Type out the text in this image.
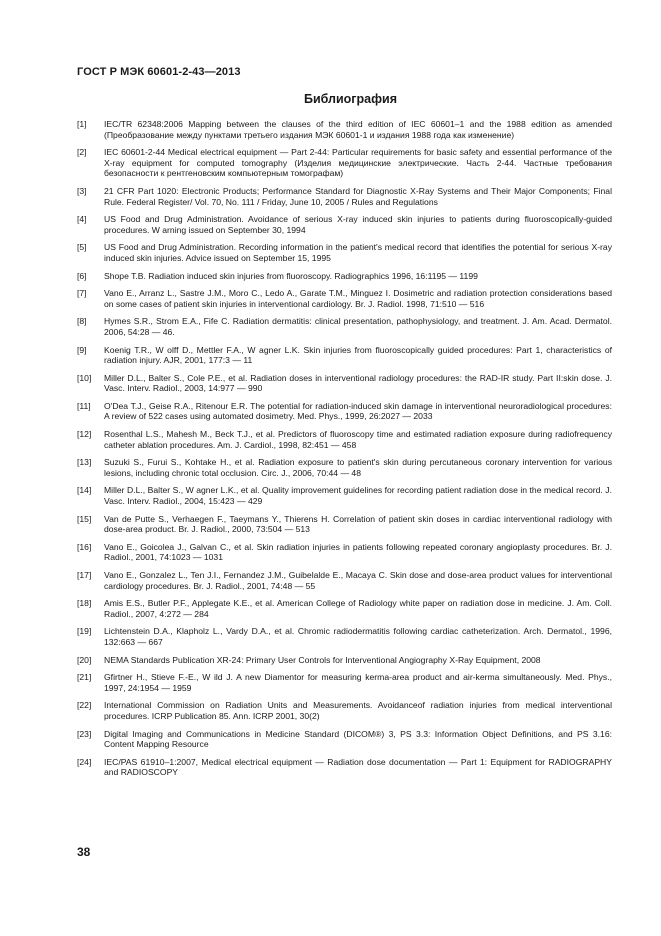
ГОСТ Р МЭК 60601-2-43—2013
Библиография
[1]	IEC/TR 62348:2006 Mapping between the clauses of the third edition of IEC 60601–1 and the 1988 edition as amended (Преобразование между пунктами третьего издания МЭК 60601-1 и издания 1988 года как изменение)
[2]	IEC 60601-2-44 Medical electrical equipment — Part 2-44: Particular requirements for basic safety and essential performance of the X-ray equipment for computed tomography (Изделия медицинские электрические. Часть 2-44. Частные требования безопасности к рентгеновским компьютерным томографам)
[3]	21 CFR Part 1020: Electronic Products; Performance Standard for Diagnostic X-Ray Systems and Their Major Components; Final Rule. Federal Register/ Vol. 70, No. 111 / Friday, June 10, 2005 / Rules and Regulations
[4]	US Food and Drug Administration. Avoidance of serious X-ray induced skin injuries to patients during fluoroscopically-guided procedures. W arning issued on September 30, 1994
[5]	US Food and Drug Administration. Recording information in the patient's medical record that identifies the potential for serious X-ray induced skin injuries. Advice issued on September 15, 1995
[6]	Shope T.B. Radiation induced skin injuries from fluoroscopy. Radiographics 1996, 16:1195 — 1199
[7]	Vano E., Arranz L., Sastre J.M., Moro C., Ledo A., Garate T.M., Minguez I. Dosimetric and radiation protection considerations based on some cases of patient skin injuries in interventional cardiology. Br. J. Radiol. 1998, 71:510 — 516
[8]	Hymes S.R., Strom E.A., Fife C. Radiation dermatitis: clinical presentation, pathophysiology, and treatment. J. Am. Acad. Dermatol. 2006, 54:28 — 46.
[9]	Koenig T.R., W olff D., Mettler F.A., W agner L.K. Skin injuries from fluoroscopically guided procedures: Part 1, characteristics of radiation injury. AJR, 2001, 177:3 — 11
[10]	Miller D.L., Balter S., Cole P.E., et al. Radiation doses in interventional radiology procedures: the RAD-IR study. Part II:skin dose. J. Vasc. Interv. Radiol., 2003, 14:977 — 990
[11]	O'Dea T.J., Geise R.A., Ritenour E.R. The potential for radiation-induced skin damage in interventional neuroradiological procedures: A review of 522 cases using automated dosimetry. Med. Phys., 1999, 26:2027 — 2033
[12]	Rosenthal L.S., Mahesh M., Beck T.J., et al. Predictors of fluoroscopy time and estimated radiation exposure during radiofrequency catheter ablation procedures. Am. J. Cardiol., 1998, 82:451 — 458
[13]	Suzuki S., Furui S., Kohtake H., et al. Radiation exposure to patient's skin during percutaneous coronary intervention for various lesions, including chronic total occlusion. Circ. J., 2006, 70:44 — 48
[14]	Miller D.L., Balter S., W agner L.K., et al. Quality improvement guidelines for recording patient radiation dose in the medical record. J. Vasc. Interv. Radiol., 2004, 15:423 — 429
[15]	Van de Putte S., Verhaegen F., Taeymans Y., Thierens H. Correlation of patient skin doses in cardiac interventional radiology with dose-area product. Br. J. Radiol., 2000, 73:504 — 513
[16]	Vano E., Goicolea J., Galvan C., et al. Skin radiation injuries in patients following repeated coronary angioplasty procedures. Br. J. Radiol., 2001, 74:1023 — 1031
[17]	Vano E., Gonzalez L., Ten J.I., Fernandez J.M., Guibelalde E., Macaya C. Skin dose and dose-area product values for interventional cardiology procedures. Br. J. Radiol., 2001, 74:48 — 55
[18]	Amis E.S., Butler P.F., Applegate K.E., et al. American College of Radiology white paper on radiation dose in medicine. J. Am. Coll. Radiol., 2007, 4:272 — 284
[19]	Lichtenstein D.A., Klapholz L., Vardy D.A., et al. Chromic radiodermatitis following cardiac catheterization. Arch. Dermatol., 1996, 132:663 — 667
[20]	NEMA Standards Publication XR-24: Primary User Controls for Interventional Angiography X-Ray Equipment, 2008
[21]	Gfirtner H., Stieve F.-E., W ild J. A new Diamentor for measuring kerma-area product and air-kerma simultaneously. Med. Phys., 1997, 24:1954 — 1959
[22]	International Commission on Radiation Units and Measurements. Avoidanceof radiation injuries from medical interventional procedures. ICRP Publication 85. Ann. ICRP 2001, 30(2)
[23]	Digital Imaging and Communications in Medicine Standard (DICOM®) 3, PS 3.3: Information Object Definitions, and PS 3.16: Content Mapping Resource
[24]	IEC/PAS 61910–1:2007, Medical electrical equipment — Radiation dose documentation — Part 1: Equipment for RADIOGRAPHY and RADIOSCOPY
38
